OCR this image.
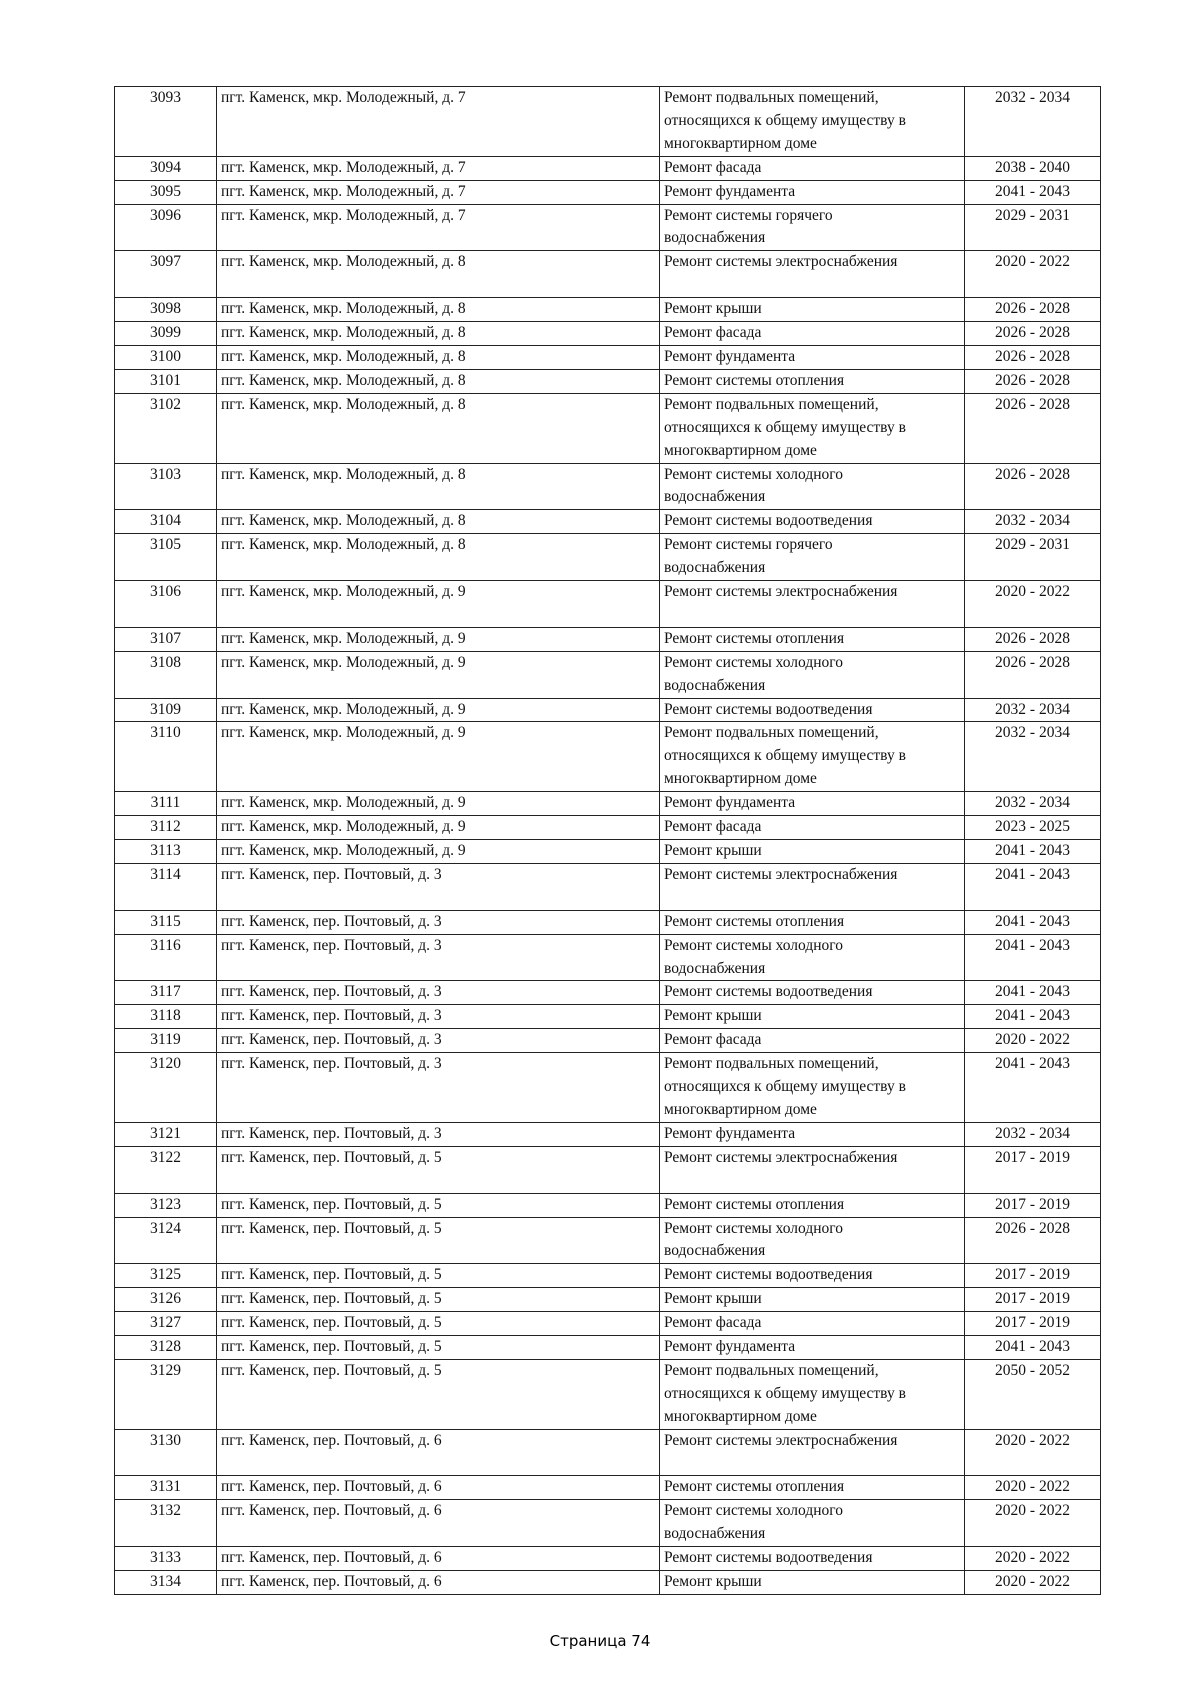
3093	пгт. Каменск, мкр. Молодежный, д. 7	Ремонт подвальных помещений,
относящихся к общему имуществу в
многоквартирном доме	2032 - 2034
3094	пгт. Каменск, мкр. Молодежный, д. 7	Ремонт фасада	2038 - 2040
3095	пгт. Каменск, мкр. Молодежный, д. 7	Ремонт фундамента	2041 - 2043
3096	пгт. Каменск, мкр. Молодежный, д. 7	Ремонт системы горячего
водоснабжения	2029 - 2031
3097	пгт. Каменск, мкр. Молодежный, д. 8	Ремонт системы электроснабжения	2020 - 2022
3098	пгт. Каменск, мкр. Молодежный, д. 8	Ремонт крыши	2026 - 2028
3099	пгт. Каменск, мкр. Молодежный, д. 8	Ремонт фасада	2026 - 2028
3100	пгт. Каменск, мкр. Молодежный, д. 8	Ремонт фундамента	2026 - 2028
3101	пгт. Каменск, мкр. Молодежный, д. 8	Ремонт системы отопления	2026 - 2028
3102	пгт. Каменск, мкр. Молодежный, д. 8	Ремонт подвальных помещений,
относящихся к общему имуществу в
многоквартирном доме	2026 - 2028
3103	пгт. Каменск, мкр. Молодежный, д. 8	Ремонт системы холодного
водоснабжения	2026 - 2028
3104	пгт. Каменск, мкр. Молодежный, д. 8	Ремонт системы водоотведения	2032 - 2034
3105	пгт. Каменск, мкр. Молодежный, д. 8	Ремонт системы горячего
водоснабжения	2029 - 2031
3106	пгт. Каменск, мкр. Молодежный, д. 9	Ремонт системы электроснабжения	2020 - 2022
3107	пгт. Каменск, мкр. Молодежный, д. 9	Ремонт системы отопления	2026 - 2028
3108	пгт. Каменск, мкр. Молодежный, д. 9	Ремонт системы холодного
водоснабжения	2026 - 2028
3109	пгт. Каменск, мкр. Молодежный, д. 9	Ремонт системы водоотведения	2032 - 2034
3110	пгт. Каменск, мкр. Молодежный, д. 9	Ремонт подвальных помещений,
относящихся к общему имуществу в
многоквартирном доме	2032 - 2034
3111	пгт. Каменск, мкр. Молодежный, д. 9	Ремонт фундамента	2032 - 2034
3112	пгт. Каменск, мкр. Молодежный, д. 9	Ремонт фасада	2023 - 2025
3113	пгт. Каменск, мкр. Молодежный, д. 9	Ремонт крыши	2041 - 2043
3114	пгт. Каменск, пер. Почтовый, д. 3	Ремонт системы электроснабжения	2041 - 2043
3115	пгт. Каменск, пер. Почтовый, д. 3	Ремонт системы отопления	2041 - 2043
3116	пгт. Каменск, пер. Почтовый, д. 3	Ремонт системы холодного
водоснабжения	2041 - 2043
3117	пгт. Каменск, пер. Почтовый, д. 3	Ремонт системы водоотведения	2041 - 2043
3118	пгт. Каменск, пер. Почтовый, д. 3	Ремонт крыши	2041 - 2043
3119	пгт. Каменск, пер. Почтовый, д. 3	Ремонт фасада	2020 - 2022
3120	пгт. Каменск, пер. Почтовый, д. 3	Ремонт подвальных помещений,
относящихся к общему имуществу в
многоквартирном доме	2041 - 2043
3121	пгт. Каменск, пер. Почтовый, д. 3	Ремонт фундамента	2032 - 2034
3122	пгт. Каменск, пер. Почтовый, д. 5	Ремонт системы электроснабжения	2017 - 2019
3123	пгт. Каменск, пер. Почтовый, д. 5	Ремонт системы отопления	2017 - 2019
3124	пгт. Каменск, пер. Почтовый, д. 5	Ремонт системы холодного
водоснабжения	2026 - 2028
3125	пгт. Каменск, пер. Почтовый, д. 5	Ремонт системы водоотведения	2017 - 2019
3126	пгт. Каменск, пер. Почтовый, д. 5	Ремонт крыши	2017 - 2019
3127	пгт. Каменск, пер. Почтовый, д. 5	Ремонт фасада	2017 - 2019
3128	пгт. Каменск, пер. Почтовый, д. 5	Ремонт фундамента	2041 - 2043
3129	пгт. Каменск, пер. Почтовый, д. 5	Ремонт подвальных помещений,
относящихся к общему имуществу в
многоквартирном доме	2050 - 2052
3130	пгт. Каменск, пер. Почтовый, д. 6	Ремонт системы электроснабжения	2020 - 2022
3131	пгт. Каменск, пер. Почтовый, д. 6	Ремонт системы отопления	2020 - 2022
3132	пгт. Каменск, пер. Почтовый, д. 6	Ремонт системы холодного
водоснабжения	2020 - 2022
3133	пгт. Каменск, пер. Почтовый, д. 6	Ремонт системы водоотведения	2020 - 2022
3134	пгт. Каменск, пер. Почтовый, д. 6	Ремонт крыши	2020 - 2022
Страница 74
